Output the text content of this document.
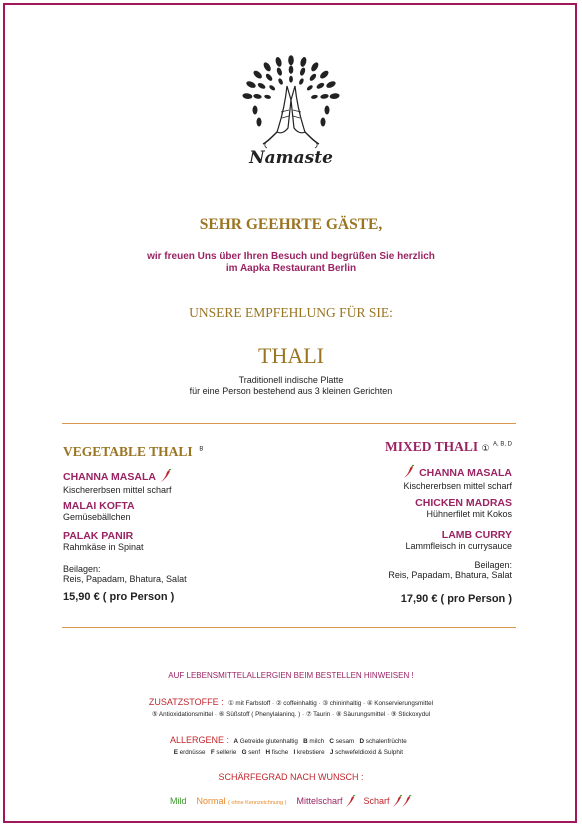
Namaste
SEHR GEEHRTE GÄSTE,
wir freuen Uns über Ihren Besuch und begrüßen Sie herzlich
im Aapka Restaurant Berlin
UNSERE EMPFEHLUNG FÜR SIE:
THALI
Traditionell indische Platte
für eine Person bestehend aus 3 kleinen Gerichten
VEGETABLE THALI $^B$
CHANNA MASALA
Kischererbsen mittel scharf
MALAI KOFTA
Gemüsebällchen
PALAK PANIR
Rahmkäse in Spinat
Beilagen:
Reis, Papadam, Bhatura, Salat
15,90 € ( pro Person )
MIXED THALI ① $^{A, B, D}$
CHANNA MASALA
Kischererbsen mittel scharf
CHICKEN MADRAS
Hühnerfilet mit Kokos
LAMB CURRY
Lammfleisch in currysauce
Beilagen:
Reis, Papadam, Bhatura, Salat
17,90 € ( pro Person )
AUF LEBENSMITTELALLERGIEN BEIM BESTELLEN HINWEISEN !
ZUSATZSTOFFE : ① mit Farbstoff · ② coffeinhaltig · ③ chininhaltig · ④ Konservierungsmittel
⑤ Antioxidationsmittel · ⑥ Süßstoff ( Phenylalaninq. ) · ⑦ Taurin · ⑧ Säurungsmittel · ⑨ Stickoxydul
ALLERGENE : A Getreide glutenhaltig   B milch   C sesam   D schalenfrüchte
E erdnüsse   F sellerie   G senf   H fische   I krebstiere   J schwefeldioxid & Sulphit
SCHÄRFEGRAD NACH WUNSCH :
Mild Normal ( ohne Kennzeichnung ) Mittelscharf Scharf
